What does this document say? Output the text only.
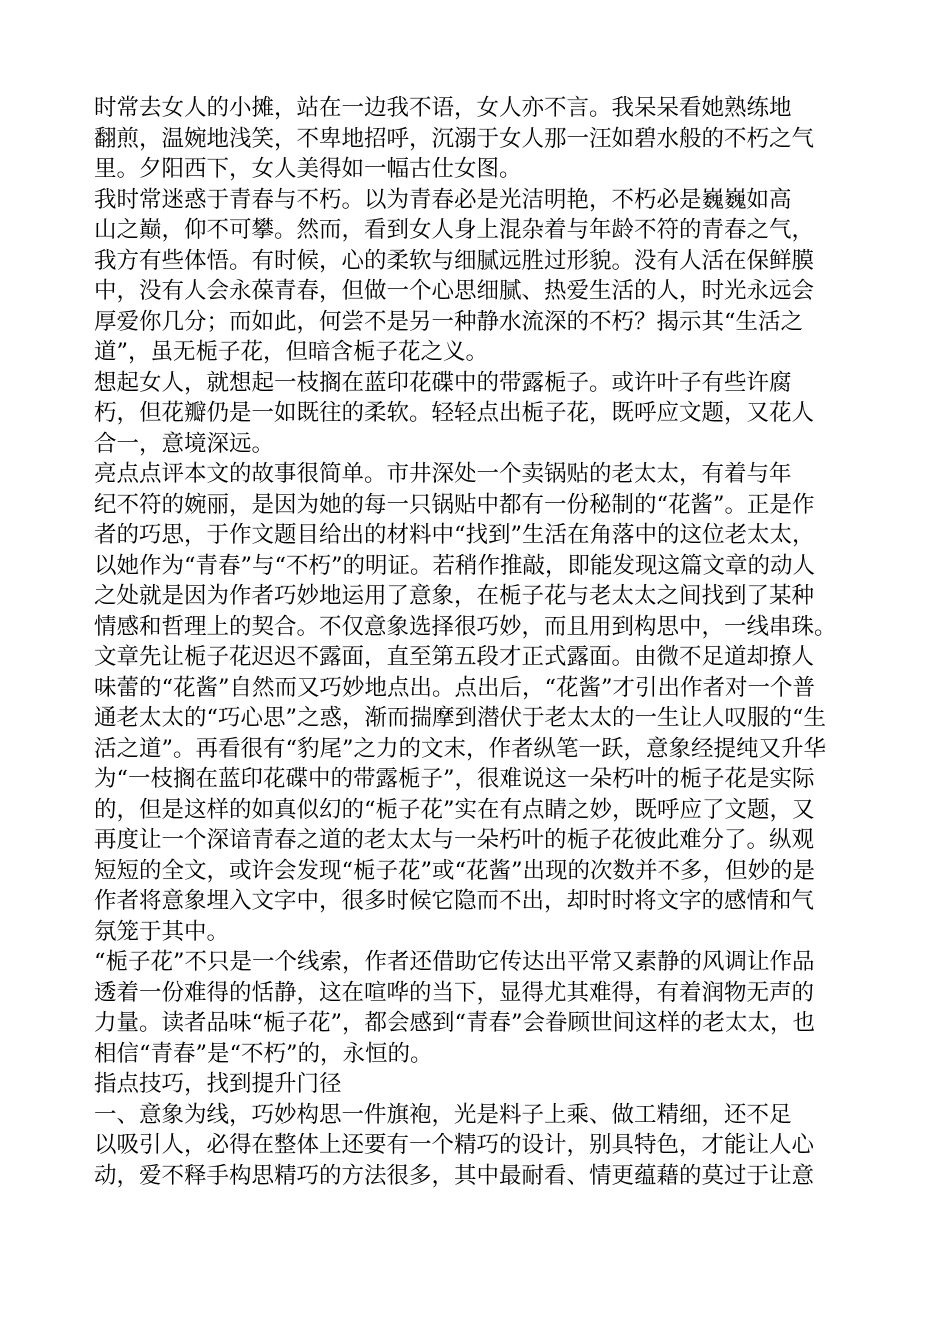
时常去女人的小摊，站在一边我不语，女人亦不言。我呆呆看她熟练地
翻煎，温婉地浅笑，不卑地招呼，沉溺于女人那一汪如碧水般的不朽之气
里。夕阳西下，女人美得如一幅古仕女图。

我时常迷惑于青春与不朽。以为青春必是光洁明艳，不朽必是巍巍如高
山之巅，仰不可攀。然而，看到女人身上混杂着与年龄不符的青春之气，
我方有些体悟。有时候，心的柔软与细腻远胜过形貌。没有人活在保鲜膜
中，没有人会永葆青春，但做一个心思细腻、热爱生活的人，时光永远会
厚爱你几分；而如此，何尝不是另一种静水流深的不朽？揭示其“生活之
道”，虽无栀子花，但暗含栀子花之义。

想起女人，就想起一枝搁在蓝印花碟中的带露栀子。或许叶子有些许腐
朽，但花瓣仍是一如既往的柔软。轻轻点出栀子花，既呼应文题，又花人
合一，意境深远。

亮点点评本文的故事很简单。市井深处一个卖锅贴的老太太，有着与年
纪不符的婉丽，是因为她的每一只锅贴中都有一份秘制的“花酱”。正是作
者的巧思，于作文题目给出的材料中“找到”生活在角落中的这位老太太，
以她作为“青春”与“不朽”的明证。若稍作推敲，即能发现这篇文章的动人
之处就是因为作者巧妙地运用了意象，在栀子花与老太太之间找到了某种
情感和哲理上的契合。不仅意象选择很巧妙，而且用到构思中，一线串珠。
文章先让栀子花迟迟不露面，直至第五段才正式露面。由微不足道却撩人
味蕾的“花酱”自然而又巧妙地点出。点出后，“花酱”才引出作者对一个普
通老太太的“巧心思”之惑，渐而揣摩到潜伏于老太太的一生让人叹服的“生
活之道”。再看很有“豹尾”之力的文末，作者纵笔一跃，意象经提纯又升华
为“一枝搁在蓝印花碟中的带露栀子”，很难说这一朵朽叶的栀子花是实际
的，但是这样的如真似幻的“栀子花”实在有点睛之妙，既呼应了文题，又
再度让一个深谙青春之道的老太太与一朵朽叶的栀子花彼此难分了。纵观
短短的全文，或许会发现“栀子花”或“花酱”出现的次数并不多，但妙的是
作者将意象埋入文字中，很多时候它隐而不出，却时时将文字的感情和气
氛笼于其中。

“栀子花”不只是一个线索，作者还借助它传达出平常又素静的风调让作品
透着一份难得的恬静，这在喧哗的当下，显得尤其难得，有着润物无声的
力量。读者品味“栀子花”，都会感到“青春”会眷顾世间这样的老太太，也
相信“青春”是“不朽”的，永恒的。

指点技巧，找到提升门径

一、意象为线，巧妙构思一件旗袍，光是料子上乘、做工精细，还不足
以吸引人，必得在整体上还要有一个精巧的设计，别具特色，才能让人心
动，爱不释手构思精巧的方法很多，其中最耐看、情更蕴藉的莫过于让意
